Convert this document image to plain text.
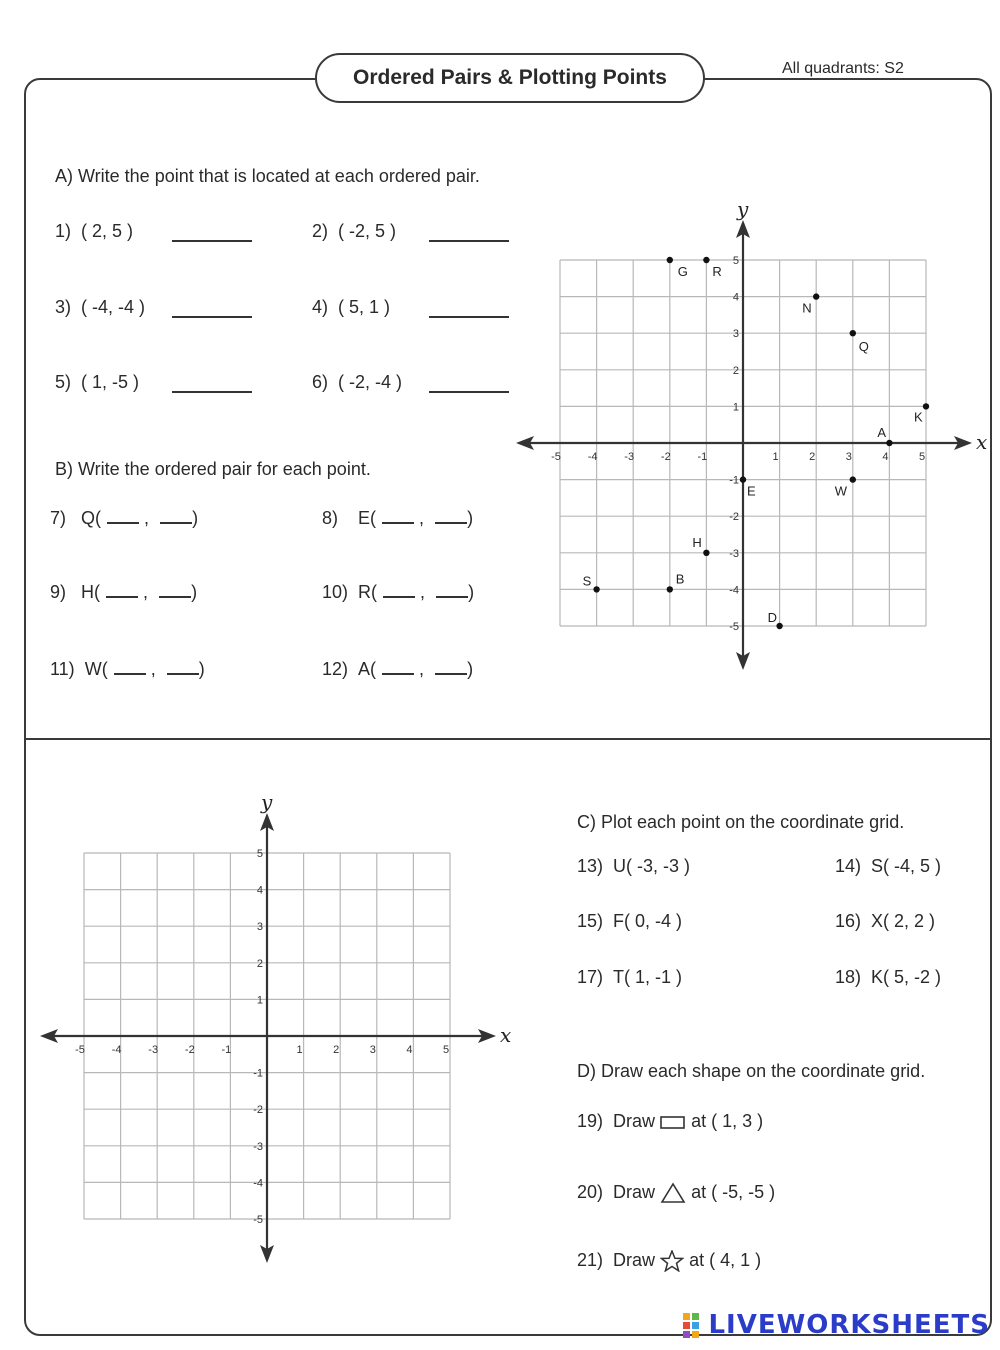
Ordered Pairs & Plotting Points	All quadrants: S2
A) Write the point that is located at each ordered pair.
1) ( 2, 5 )	2) ( -2, 5 )
3) ( -4, -4 )	4) ( 5, 1 )
5) ( 1, -5 )	6) ( -2, -4 )
B) Write the ordered pair for each point.
7) Q( , )	8) E( , )
9) H( , )	10) R( , )
11) W( , )	12) A( , )
x
y
-5 -4 -3 -2 -1	1	2	3	4	5
5
4
3
2
1
-1
-2
-3
-4
-5
G R
N
Q
K
A
E	W
H
S	B
D
x
y
-5 -4 -3 -2 -1	1	2	3	4	5
5
4
3
2
1
-1
-2
-3
-4
-5
C) Plot each point on the coordinate grid.
13) U( -3, -3 )	14) S( -4, 5 )
15) F( 0, -4 )	16) X( 2, 2 )
17) T( 1, -1 )	18) K( 5, -2 )
D) Draw each shape on the coordinate grid.
19) Draw at ( 1, 3 )
20) Draw at ( -5, -5 )
21) Draw at ( 4, 1 )
LIVEWORKSHEETS
